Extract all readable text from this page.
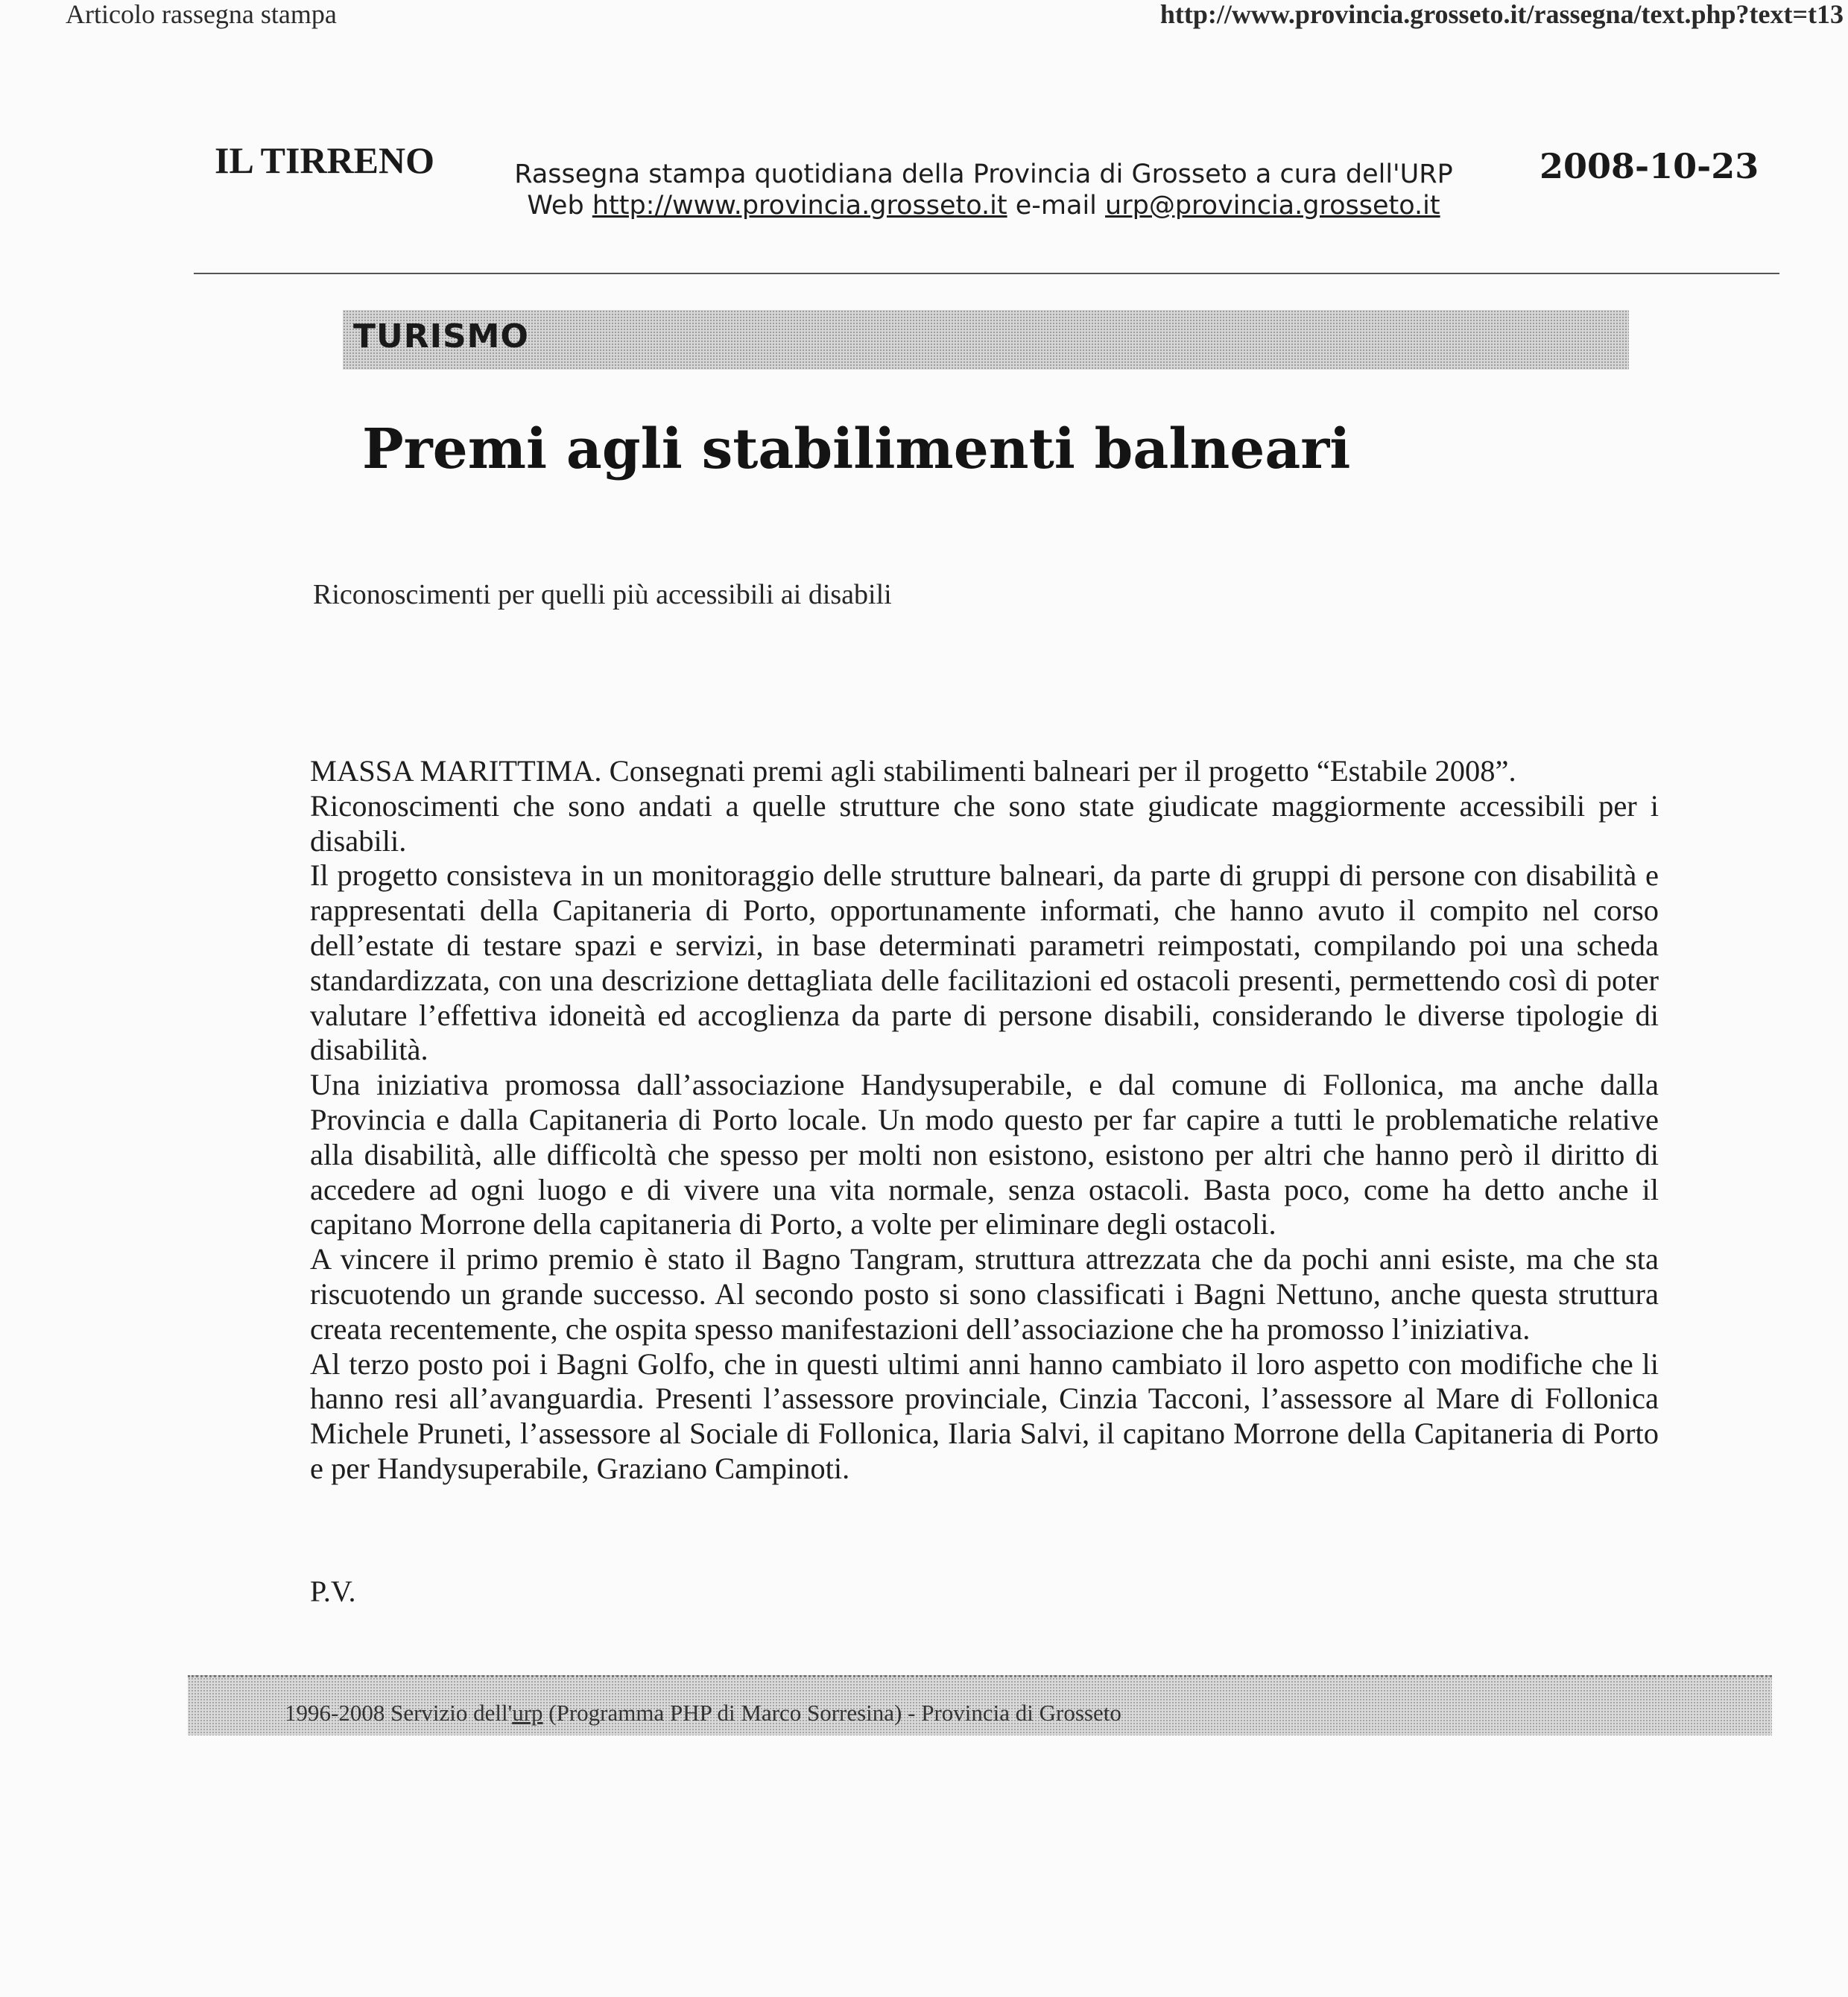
Articolo rassegna stampa	http://www.provincia.grosseto.it/rassegna/text.php?text=t13
IL TIRRENO	Rassegna stampa quotidiana della Provincia di Grosseto a cura dell'URP
Web http://www.provincia.grosseto.it e-mail urp@provincia.grosseto.it
2008-10-23
TURISMO
Premi agli stabilimenti balneari
Riconoscimenti per quelli più accessibili ai disabili

MASSA MARITTIMA. Consegnati premi agli stabilimenti balneari per il progetto “Estabile 2008”.

Riconoscimenti che sono andati a quelle strutture che sono state giudicate maggiormente accessibili per i disabili.

Il progetto consisteva in un monitoraggio delle strutture balneari, da parte di gruppi di persone con disabilità e rappresentati della Capitaneria di Porto, opportunamente informati, che hanno avuto il compito nel corso dell’estate di testare spazi e servizi, in base determinati parametri reimpostati, compilando poi una scheda standardizzata, con una descrizione dettagliata delle facilitazioni ed ostacoli presenti, permettendo così di poter valutare l’effettiva idoneità ed accoglienza da parte di persone disabili, considerando le diverse tipologie di disabilità.

Una iniziativa promossa dall’associazione Handysuperabile, e dal comune di Follonica, ma anche dalla Provincia e dalla Capitaneria di Porto locale. Un modo questo per far capire a tutti le problematiche relative alla disabilità, alle difficoltà che spesso per molti non esistono, esistono per altri che hanno però il diritto di accedere ad ogni luogo e di vivere una vita normale, senza ostacoli. Basta poco, come ha detto anche il capitano Morrone della capitaneria di Porto, a volte per eliminare degli ostacoli.

A vincere il primo premio è stato il Bagno Tangram, struttura attrezzata che da pochi anni esiste, ma che sta riscuotendo un grande successo. Al secondo posto si sono classificati i Bagni Nettuno, anche questa struttura creata recentemente, che ospita spesso manifestazioni dell’associazione che ha promosso l’iniziativa.

Al terzo posto poi i Bagni Golfo, che in questi ultimi anni hanno cambiato il loro aspetto con modifiche che li hanno resi all’avanguardia. Presenti l’assessore provinciale, Cinzia Tacconi, l’assessore al Mare di Follonica Michele Pruneti, l’assessore al Sociale di Follonica, Ilaria Salvi, il capitano Morrone della Capitaneria di Porto e per Handysuperabile, Graziano Campinoti.

P.V.
1996-2008 Servizio dell'urp (Programma PHP di Marco Sorresina) - Provincia di Grosseto
